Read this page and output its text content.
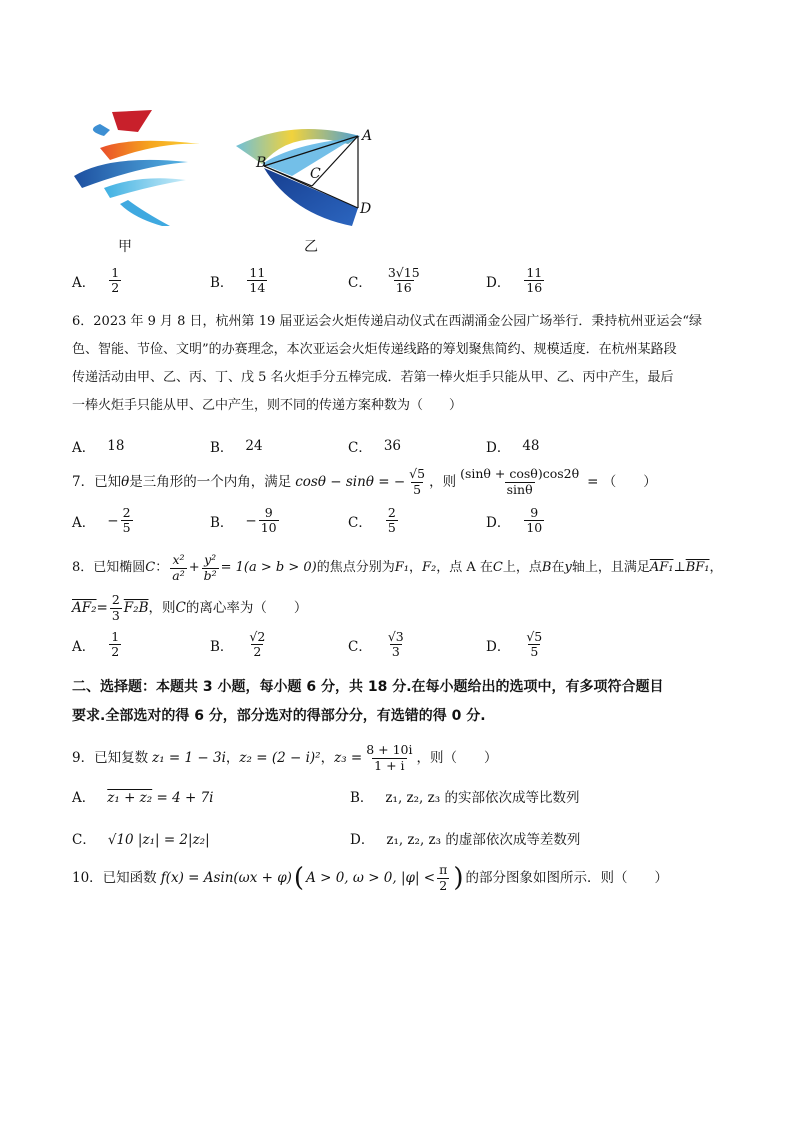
甲
A
B
C
D
乙
A． $\frac{1}{2}$	B． $\frac{11}{14}$	C． $\frac{3√15}{16}$	D． $\frac{11}{16}$
6．2023 年 9 月 8 日，杭州第 19 届亚运会火炬传递启动仪式在西湖涌金公园广场举行．秉持杭州亚运会“绿
色、智能、节俭、文明”的办赛理念，本次亚运会火炬传递线路的筹划聚焦简约、规模适度．在杭州某路段
传递活动由甲、乙、丙、丁、戊 5 名火炬手分五棒完成．若第一棒火炬手只能从甲、乙、丙中产生，最后
一棒火炬手只能从甲、乙中产生，则不同的传递方案种数为（　　）
A． 18	B． 24	C． 36	D． 48
7．已知 θ 是三角形的一个内角，满足 cosθ − sinθ = − $\frac{√5}{5}$ ，则 $\frac{(\sin\theta + \cos\theta)\cos 2\theta}{\sin\theta}$ = （　　）
A． − $\frac{2}{5}$	B． − $\frac{9}{10}$	C． $\frac{2}{5}$	D． $\frac{9}{10}$
8．已知椭圆 C ： $\frac{\text{x²}}{\text{a²}} + \frac{\text{y²}}{\text{b²}} = 1(a > b > 0)$ 的焦点分别为 F₁ ， F₂ ，点 A 在 C 上，点 B 在 y 轴上，且满足 AF₁ ⊥ BF₁ ，
$AF_2 = \frac{2}{3} F_2B$ ，则 C 的离心率为（　　）
A． $\frac{1}{2}$	B． $\frac{√2}{2}$	C． $\frac{√3}{3}$	D． $\frac{√5}{5}$
二、选择题：本题共 3 小题，每小题 6 分，共 18 分.在每小题给出的选项中，有多项符合题目
要求.全部选对的得 6 分，部分选对的得部分分，有选错的得 0 分.
9．已知复数 z₁ = 1 − 3i ， z₂ = (2 − i)² ， $z_3 = \frac{8 + 10i}{1 + i}$ ，则（　　）
A． z₁ + z₂ = 4 + 7i	B． z₁, z₂, z₃ 的实部依次成等比数列
C． √10 |z₁| = 2|z₂|	D． z₁, z₂, z₃ 的虚部依次成等差数列
10．已知函数 f(x) = Asin(ωx + φ) ( A > 0, ω > 0, $|\varphi| < \frac{\pi}{2}$ ) 的部分图象如图所示．则（　　）
